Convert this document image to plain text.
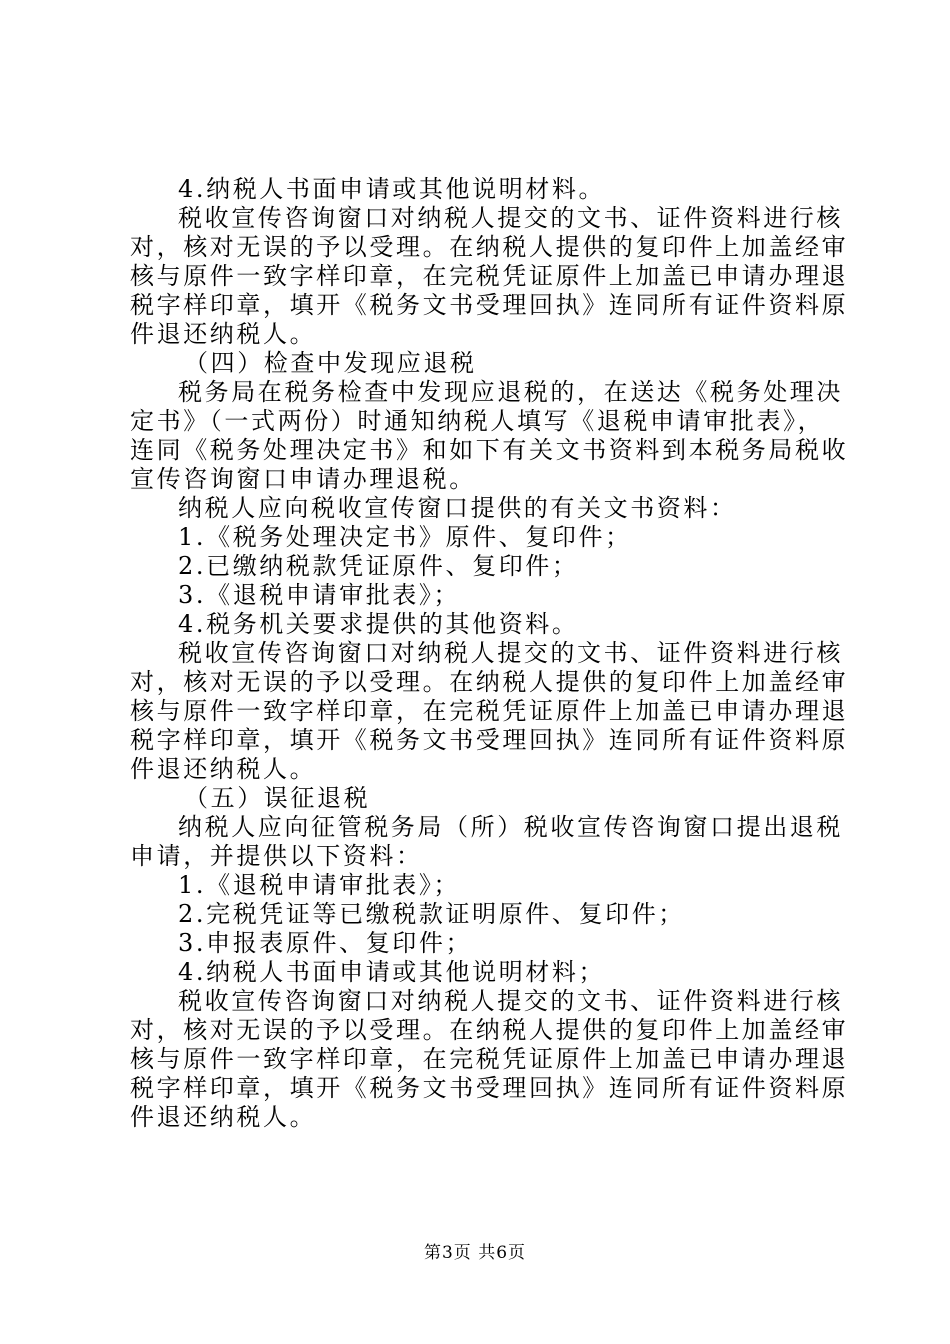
4.纳税人书面申请或其他说明材料。
税收宣传咨询窗口对纳税人提交的文书、证件资料进行核
对，核对无误的予以受理。在纳税人提供的复印件上加盖经审
核与原件一致字样印章，在完税凭证原件上加盖已申请办理退
税字样印章，填开《税务文书受理回执》连同所有证件资料原
件退还纳税人。
（四）检查中发现应退税
税务局在税务检查中发现应退税的，在送达《税务处理决
定书》（一式两份）时通知纳税人填写《退税申请审批表》，
连同《税务处理决定书》和如下有关文书资料到本税务局税收
宣传咨询窗口申请办理退税。
纳税人应向税收宣传窗口提供的有关文书资料：
1.《税务处理决定书》原件、复印件；
2.已缴纳税款凭证原件、复印件；
3.《退税申请审批表》；
4.税务机关要求提供的其他资料。
税收宣传咨询窗口对纳税人提交的文书、证件资料进行核
对，核对无误的予以受理。在纳税人提供的复印件上加盖经审
核与原件一致字样印章，在完税凭证原件上加盖已申请办理退
税字样印章，填开《税务文书受理回执》连同所有证件资料原
件退还纳税人。
（五）误征退税
纳税人应向征管税务局（所）税收宣传咨询窗口提出退税
申请，并提供以下资料：
1.《退税申请审批表》；
2.完税凭证等已缴税款证明原件、复印件；
3.申报表原件、复印件；
4.纳税人书面申请或其他说明材料；
税收宣传咨询窗口对纳税人提交的文书、证件资料进行核
对，核对无误的予以受理。在纳税人提供的复印件上加盖经审
核与原件一致字样印章，在完税凭证原件上加盖已申请办理退
税字样印章，填开《税务文书受理回执》连同所有证件资料原
件退还纳税人。
第3页 共6页
